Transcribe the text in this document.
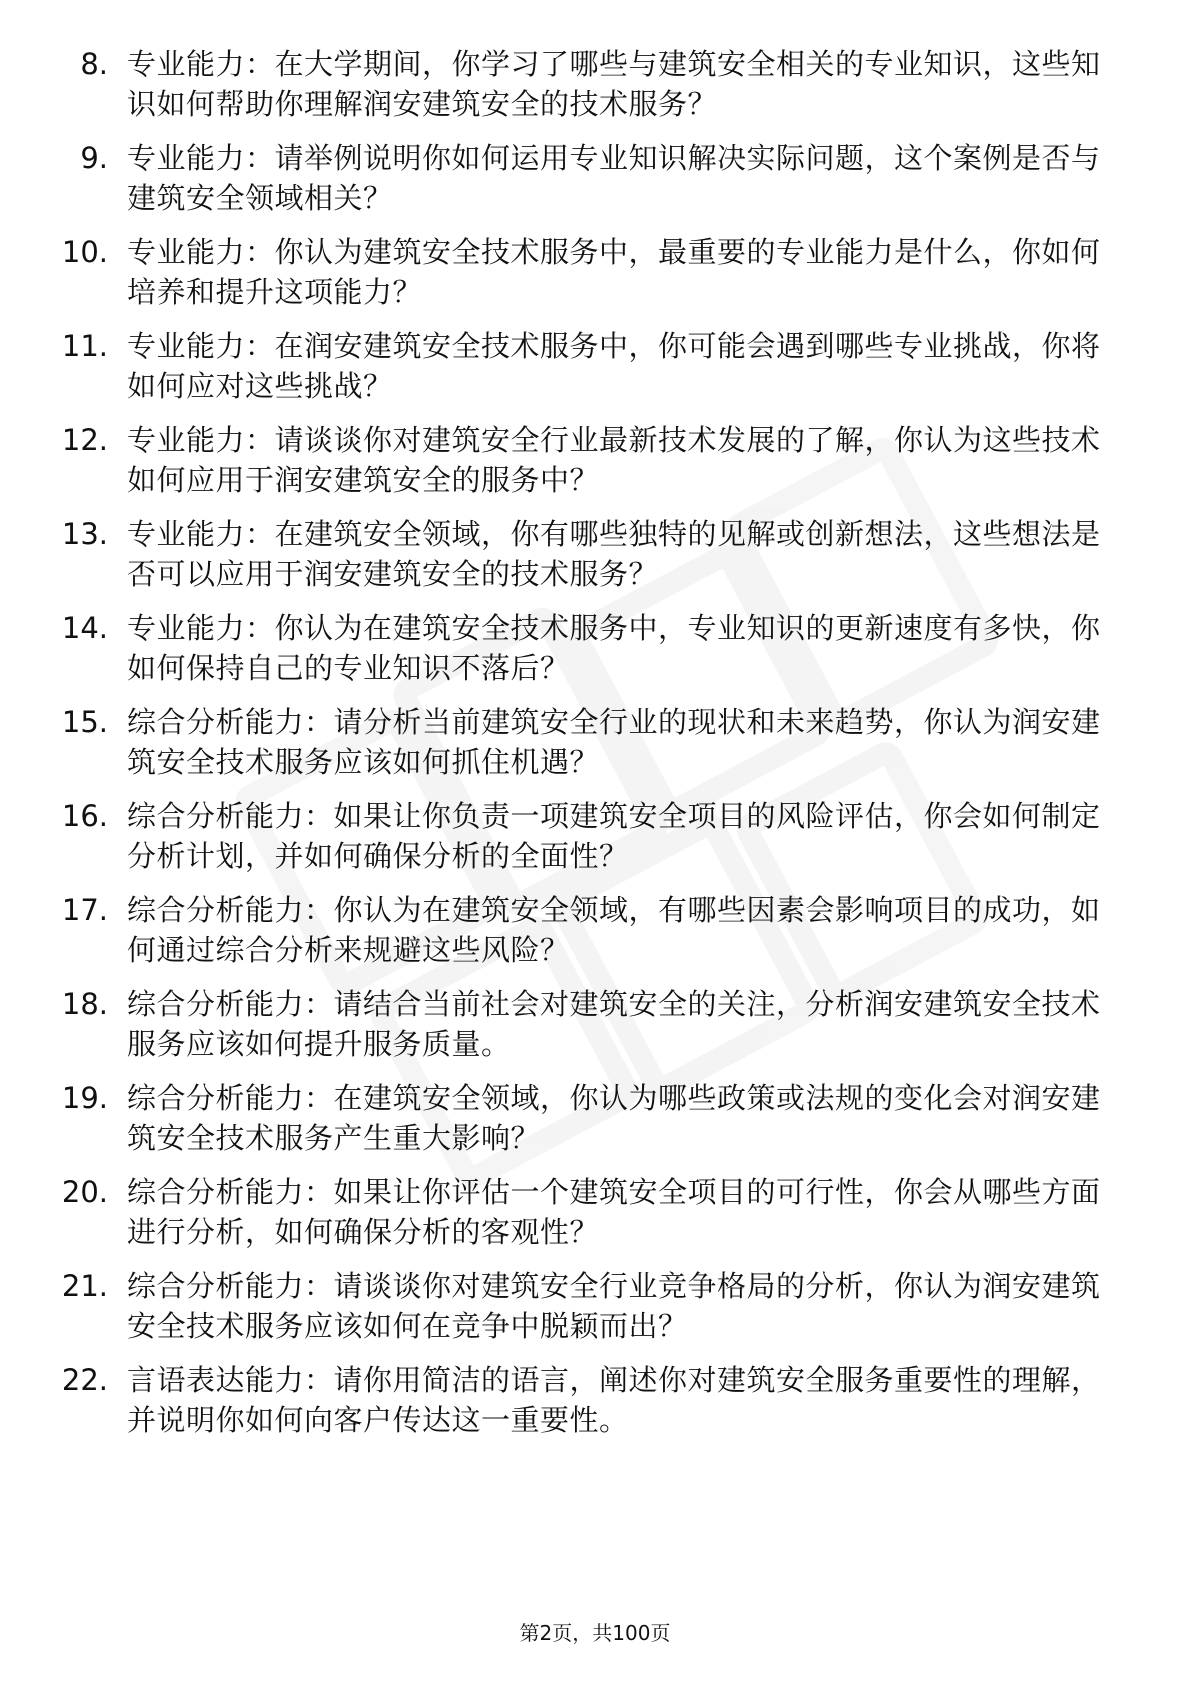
8. 专业能力：在大学期间，你学习了哪些与建筑安全相关的专业知识，这些知识如何帮助你理解润安建筑安全的技术服务？
9. 专业能力：请举例说明你如何运用专业知识解决实际问题，这个案例是否与建筑安全领域相关？
10. 专业能力：你认为建筑安全技术服务中，最重要的专业能力是什么，你如何培养和提升这项能力？
11. 专业能力：在润安建筑安全技术服务中，你可能会遇到哪些专业挑战，你将如何应对这些挑战？
12. 专业能力：请谈谈你对建筑安全行业最新技术发展的了解，你认为这些技术如何应用于润安建筑安全的服务中？
13. 专业能力：在建筑安全领域，你有哪些独特的见解或创新想法，这些想法是否可以应用于润安建筑安全的技术服务？
14. 专业能力：你认为在建筑安全技术服务中，专业知识的更新速度有多快，你如何保持自己的专业知识不落后？
15. 综合分析能力：请分析当前建筑安全行业的现状和未来趋势，你认为润安建筑安全技术服务应该如何抓住机遇？
16. 综合分析能力：如果让你负责一项建筑安全项目的风险评估，你会如何制定分析计划，并如何确保分析的全面性？
17. 综合分析能力：你认为在建筑安全领域，有哪些因素会影响项目的成功，如何通过综合分析来规避这些风险？
18. 综合分析能力：请结合当前社会对建筑安全的关注，分析润安建筑安全技术服务应该如何提升服务质量。
19. 综合分析能力：在建筑安全领域，你认为哪些政策或法规的变化会对润安建筑安全技术服务产生重大影响？
20. 综合分析能力：如果让你评估一个建筑安全项目的可行性，你会从哪些方面进行分析，如何确保分析的客观性？
21. 综合分析能力：请谈谈你对建筑安全行业竞争格局的分析，你认为润安建筑安全技术服务应该如何在竞争中脱颖而出？
22. 言语表达能力：请你用简洁的语言，阐述你对建筑安全服务重要性的理解，并说明你如何向客户传达这一重要性。
第2页，共100页
